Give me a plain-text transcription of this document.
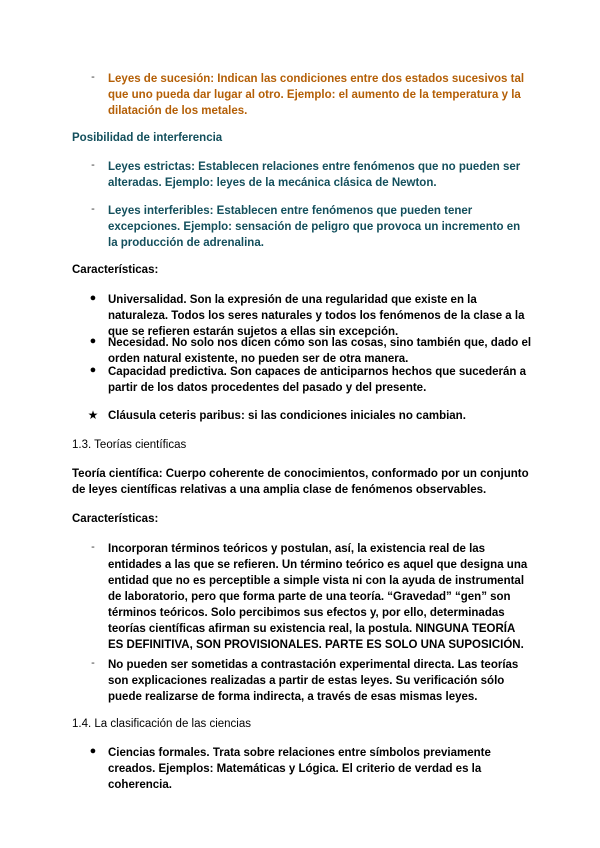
-	Leyes de sucesión: Indican las condiciones entre dos estados sucesivos tal que uno pueda dar lugar al otro. Ejemplo: el aumento de la temperatura y la dilatación de los metales.
Posibilidad de interferencia
-	Leyes estrictas: Establecen relaciones entre fenómenos que no pueden ser alteradas. Ejemplo: leyes de la mecánica clásica de Newton.
-	Leyes interferibles: Establecen entre fenómenos que pueden tener excepciones. Ejemplo: sensación de peligro que provoca un incremento en la producción de adrenalina.
Características:
● Universalidad. Son la expresión de una regularidad que existe en la naturaleza. Todos los seres naturales y todos los fenómenos de la clase a la que se refieren estarán sujetos a ellas sin excepción.
● Necesidad. No solo nos dicen cómo son las cosas, sino también que, dado el orden natural existente, no pueden ser de otra manera.
● Capacidad predictiva. Son capaces de anticiparnos hechos que sucederán a partir de los datos procedentes del pasado y del presente.
★ Cláusula ceteris paribus: si las condiciones iniciales no cambian.
1.3. Teorías científicas
Teoría científica: Cuerpo coherente de conocimientos, conformado por un conjunto de leyes científicas relativas a una amplia clase de fenómenos observables.
Características:
-	Incorporan términos teóricos y postulan, así, la existencia real de las entidades a las que se refieren. Un término teórico es aquel que designa una entidad que no es perceptible a simple vista ni con la ayuda de instrumental de laboratorio, pero que forma parte de una teoría. “Gravedad” “gen” son términos teóricos. Solo percibimos sus efectos y, por ello, determinadas teorías científicas afirman su existencia real, la postula. NINGUNA TEORÍA ES DEFINITIVA, SON PROVISIONALES. PARTE ES SOLO UNA SUPOSICIÓN.
-	No pueden ser sometidas a contrastación experimental directa. Las teorías son explicaciones realizadas a partir de estas leyes. Su verificación sólo puede realizarse de forma indirecta, a través de esas mismas leyes.
1.4. La clasificación de las ciencias
● Ciencias formales. Trata sobre relaciones entre símbolos previamente creados. Ejemplos: Matemáticas y Lógica. El criterio de verdad es la coherencia.
